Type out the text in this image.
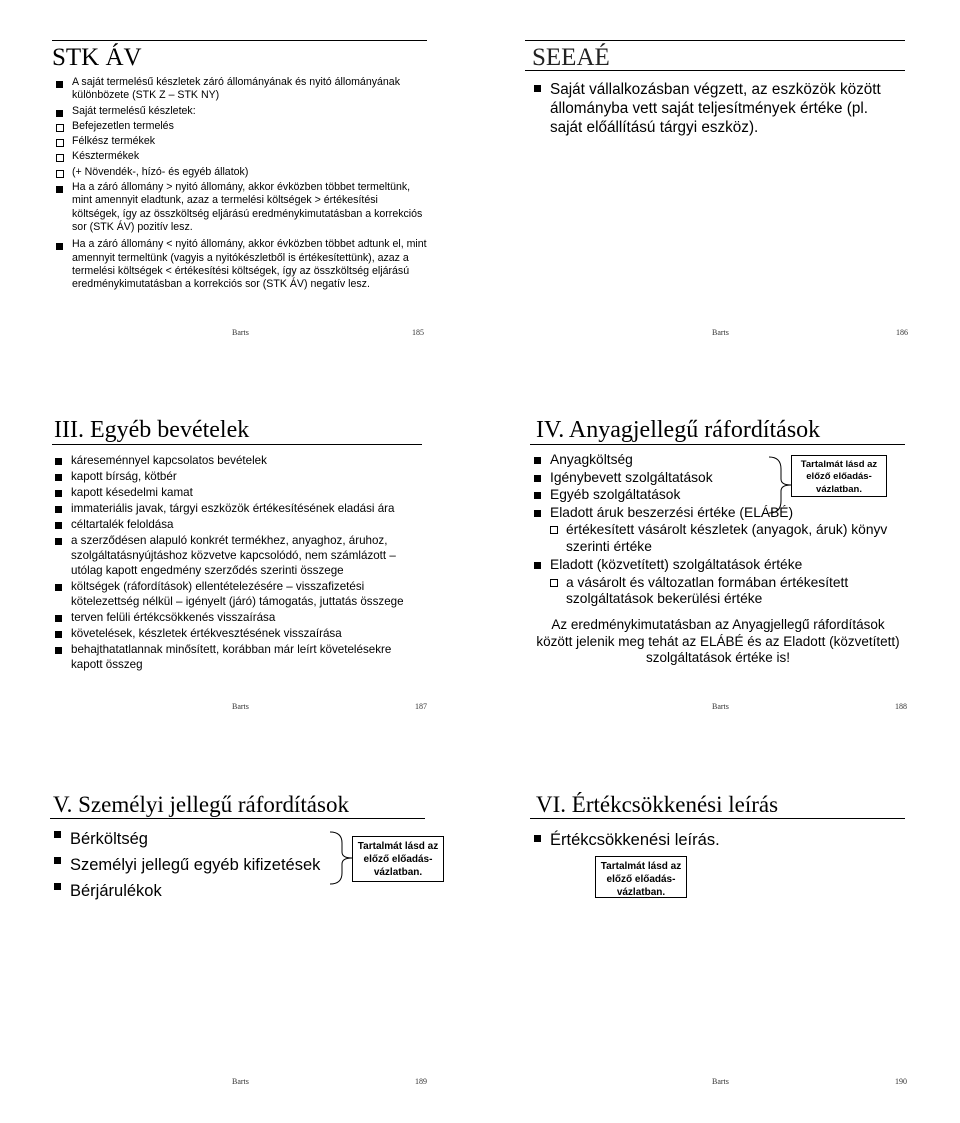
STK ÁV
A saját termelésű készletek záró állományának és nyitó állományának különbözete (STK Z – STK NY)
Saját termelésű készletek:
Befejezetlen termelés
Félkész termékek
Késztermékek
(+ Növendék-, hízó- és egyéb állatok)
Ha a záró állomány > nyitó állomány, akkor évközben többet termeltünk, mint amennyit eladtunk, azaz a termelési költségek > értékesítési költségek, így az összköltség eljárású eredménykimutatásban a korrekciós sor (STK ÁV) pozitív lesz.
Ha a záró állomány < nyitó állomány, akkor évközben többet adtunk el, mint amennyit termeltünk (vagyis a nyitókészletből is értékesítettünk), azaz a termelési költségek < értékesítési költségek, így az összköltség eljárású eredménykimutatásban a korrekciós sor (STK ÁV) negatív lesz.
Barts	185
SEEAÉ
Saját vállalkozásban végzett, az eszközök között állományba vett saját teljesítmények értéke (pl. saját előállítású tárgyi eszköz).
Barts	186
III. Egyéb bevételek
káreseménnyel kapcsolatos bevételek
kapott bírság, kötbér
kapott késedelmi kamat
immateriális javak, tárgyi eszközök értékesítésének eladási ára
céltartalék feloldása
a szerződésen alapuló konkrét termékhez, anyaghoz, áruhoz, szolgáltatásnyújtáshoz közvetve kapcsolódó, nem számlázott – utólag kapott engedmény szerződés szerinti összege
költségek (ráfordítások) ellentételezésére – visszafizetési kötelezettség nélkül – igényelt (járó) támogatás, juttatás összege
terven felüli értékcsökkenés visszaírása
követelések, készletek értékvesztésének visszaírása
behajthatatlannak minősített, korábban már leírt követelésekre kapott összeg
Barts	187
IV. Anyagjellegű ráfordítások
Anyagköltség
Igénybevett szolgáltatások
Egyéb szolgáltatások
Eladott áruk beszerzési értéke (ELÁBÉ)
értékesített vásárolt készletek (anyagok, áruk) könyv szerinti értéke
Eladott (közvetített) szolgáltatások értéke
a vásárolt és változatlan formában értékesített szolgáltatások bekerülési értéke
Tartalmát lásd az előző előadás-vázlatban.
Az eredménykimutatásban az Anyagjellegű ráfordítások között jelenik meg tehát az ELÁBÉ és az Eladott (közvetített) szolgáltatások értéke is!
Barts	188
V. Személyi jellegű ráfordítások
Bérköltség
Személyi jellegű egyéb kifizetések
Bérjárulékok
Tartalmát lásd az előző előadás-vázlatban.
Barts	189
VI. Értékcsökkenési leírás
Értékcsökkenési leírás.
Tartalmát lásd az előző előadás-vázlatban.
Barts	190
